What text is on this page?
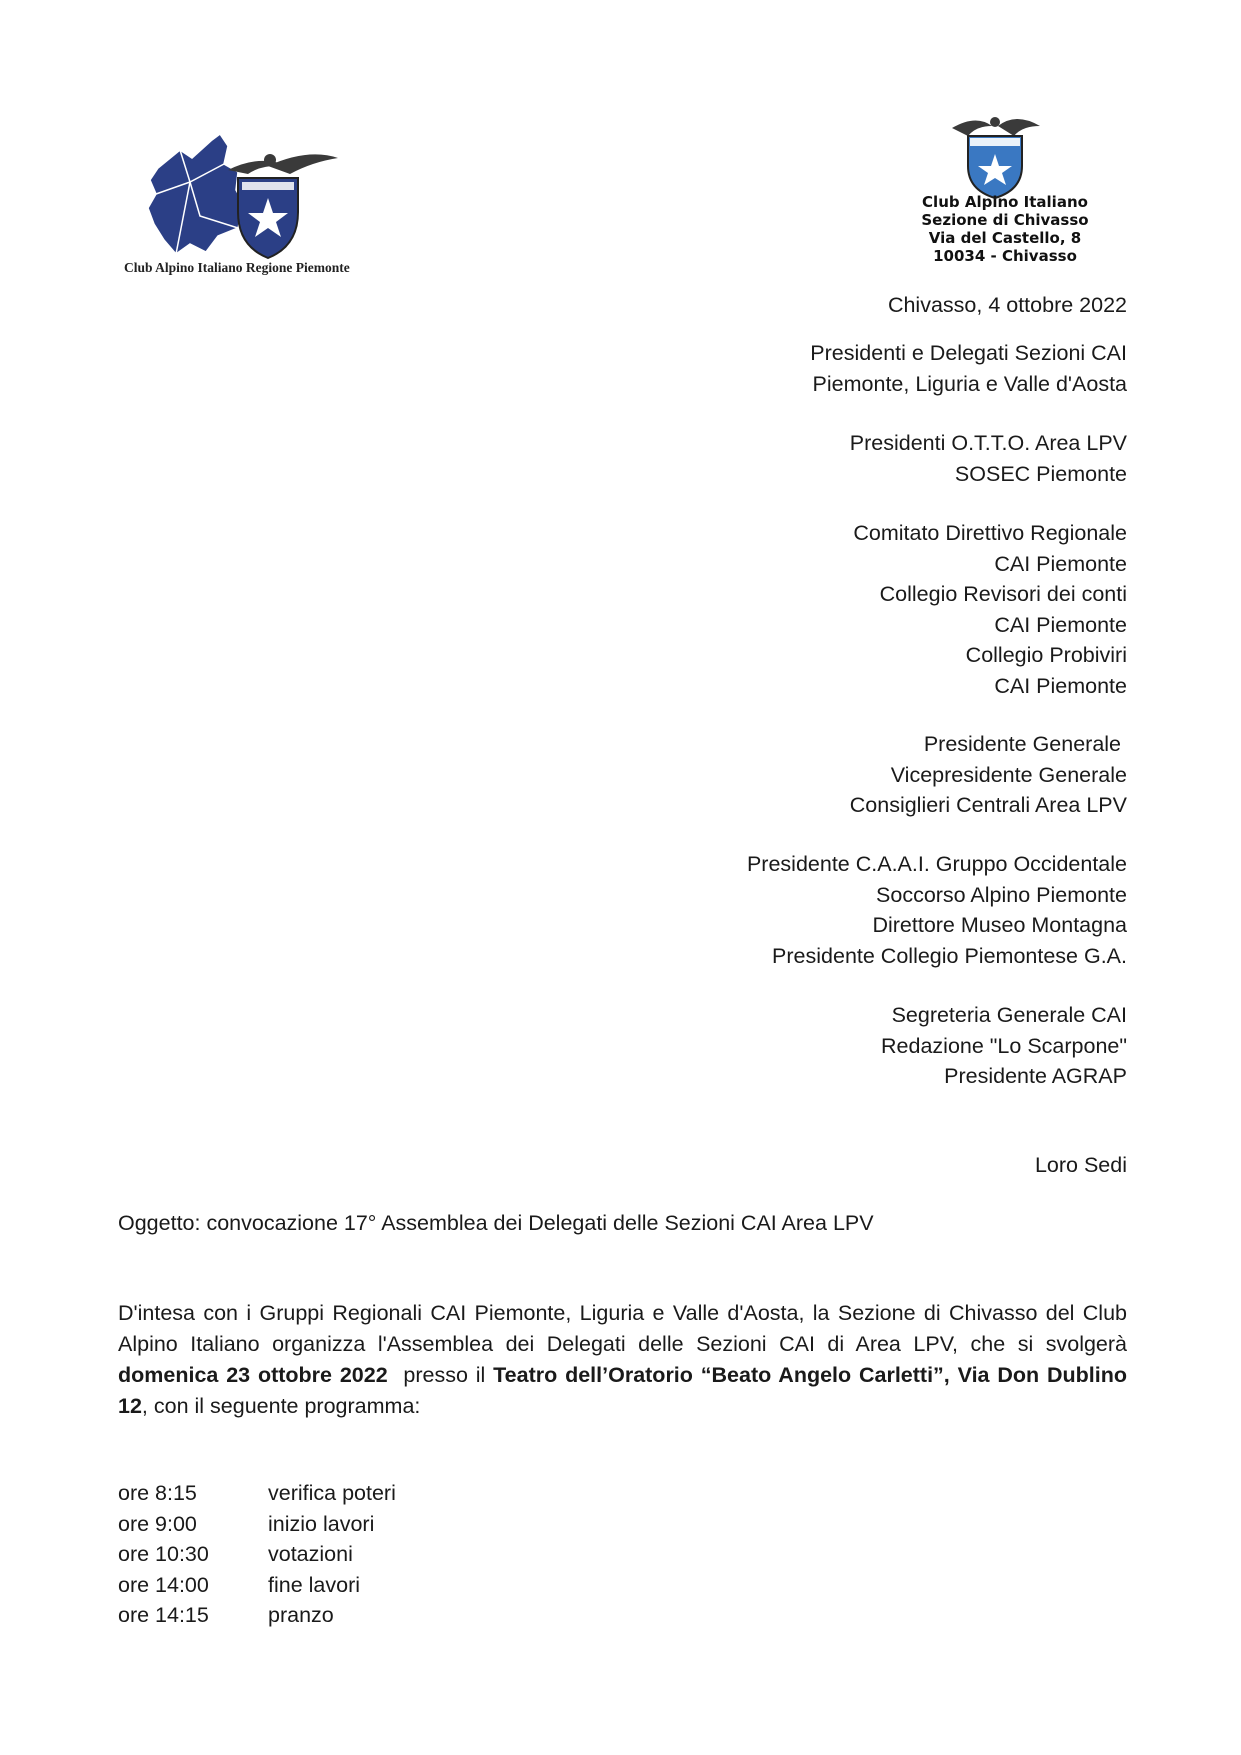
Club Alpino Italiano Regione Piemonte
Club Alpino Italiano
Sezione di Chivasso
Via del Castello, 8
10034 - Chivasso
Chivasso, 4 ottobre 2022
Presidenti e Delegati Sezioni CAI
Piemonte, Liguria e Valle d'Aosta
Presidenti O.T.T.O. Area LPV
SOSEC Piemonte
Comitato Direttivo Regionale
CAI Piemonte
Collegio Revisori dei conti
CAI Piemonte
Collegio Probiviri
CAI Piemonte
Presidente Generale
Vicepresidente Generale
Consiglieri Centrali Area LPV
Presidente C.A.A.I. Gruppo Occidentale
Soccorso Alpino Piemonte
Direttore Museo Montagna
Presidente Collegio Piemontese G.A.
Segreteria Generale CAI
Redazione "Lo Scarpone"
Presidente AGRAP
Loro Sedi
Oggetto: convocazione 17° Assemblea dei Delegati delle Sezioni CAI Area LPV
D'intesa con i Gruppi Regionali CAI Piemonte, Liguria e Valle d'Aosta, la Sezione di Chivasso del Club Alpino Italiano organizza l'Assemblea dei Delegati delle Sezioni CAI di Area LPV, che si svolgerà domenica 23 ottobre 2022  presso il Teatro dell’Oratorio “Beato Angelo Carletti”, Via Don Dublino 12, con il seguente programma:
ore 8:15	verifica poteri
ore 9:00	inizio lavori
ore 10:30	votazioni
ore 14:00	fine lavori
ore 14:15	pranzo
